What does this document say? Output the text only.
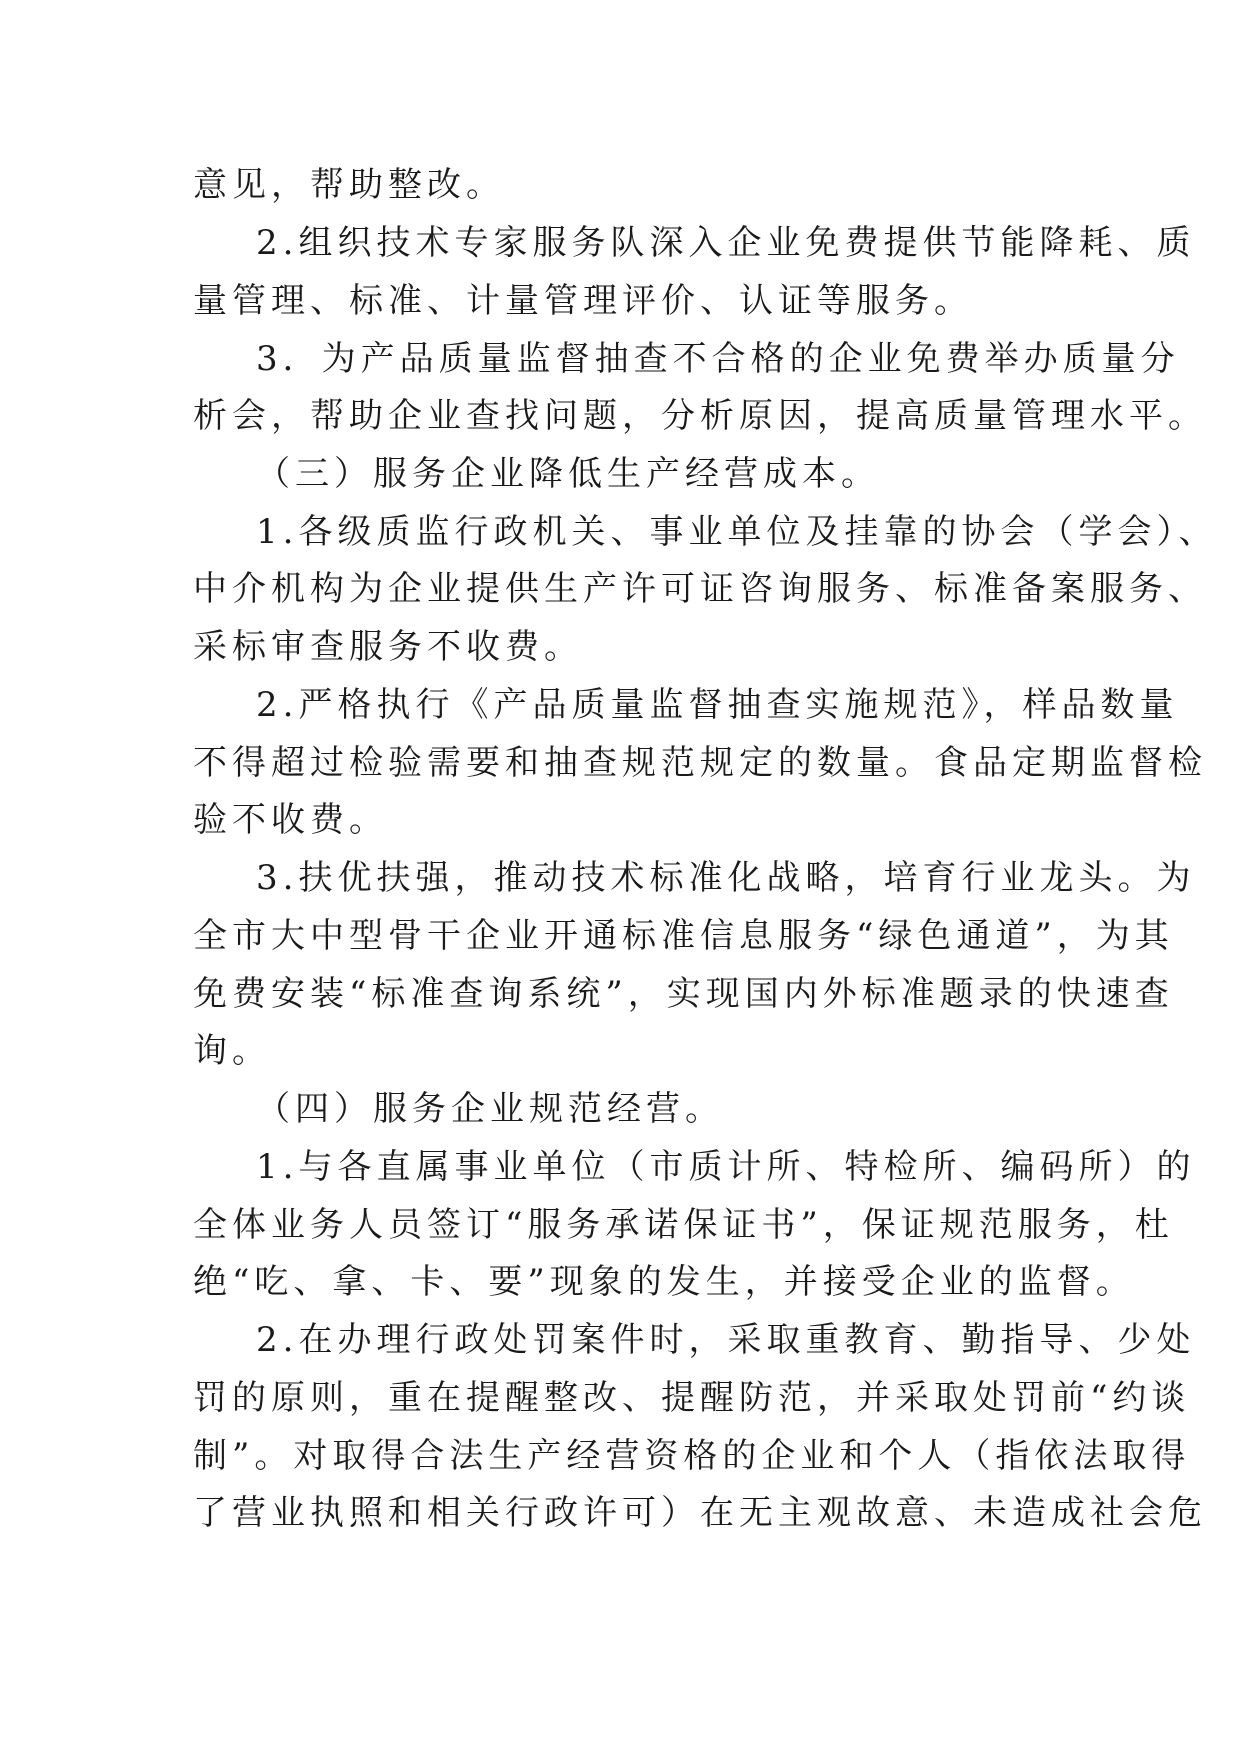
意见，帮助整改。
2.组织技术专家服务队深入企业免费提供节能降耗、质
量管理、标准、计量管理评价、认证等服务。
3．为产品质量监督抽查不合格的企业免费举办质量分
析会，帮助企业查找问题，分析原因，提高质量管理水平。
（三）服务企业降低生产经营成本。
1.各级质监行政机关、事业单位及挂靠的协会（学会）、
中介机构为企业提供生产许可证咨询服务、标准备案服务、
采标审查服务不收费。
2.严格执行《产品质量监督抽查实施规范》，样品数量
不得超过检验需要和抽查规范规定的数量。食品定期监督检
验不收费。
3.扶优扶强，推动技术标准化战略，培育行业龙头。为
全市大中型骨干企业开通标准信息服务“绿色通道”，为其
免费安装“标准查询系统”，实现国内外标准题录的快速查
询。
（四）服务企业规范经营。
1.与各直属事业单位（市质计所、特检所、编码所）的
全体业务人员签订“服务承诺保证书”，保证规范服务，杜
绝“吃、拿、卡、要”现象的发生，并接受企业的监督。
2.在办理行政处罚案件时，采取重教育、勤指导、少处
罚的原则，重在提醒整改、提醒防范，并采取处罚前“约谈
制”。对取得合法生产经营资格的企业和个人（指依法取得
了营业执照和相关行政许可）在无主观故意、未造成社会危
